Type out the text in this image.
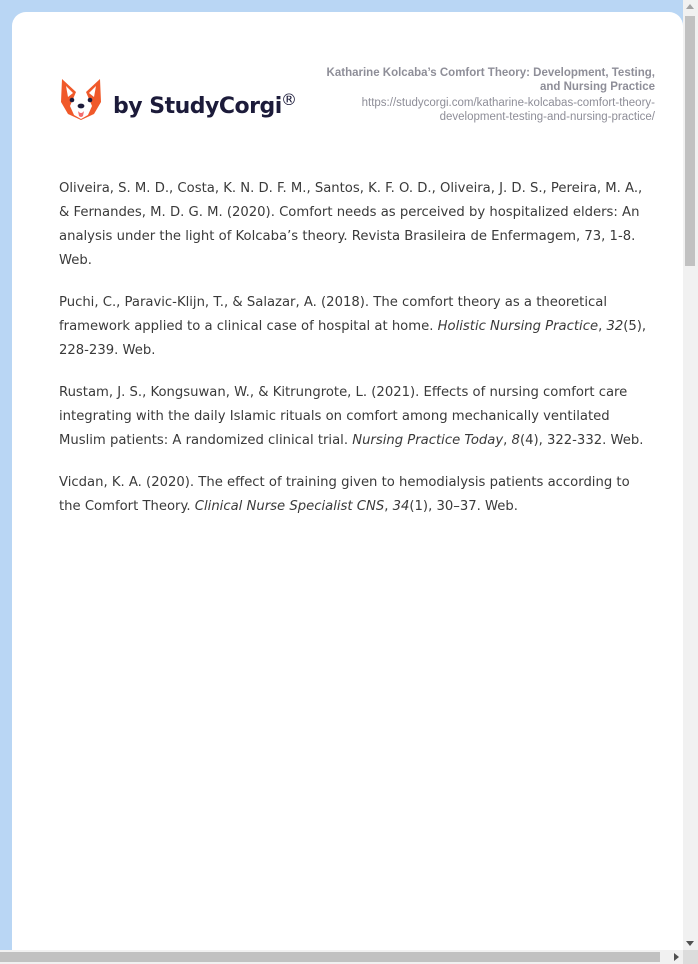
by StudyCorgi ®
Katharine Kolcaba’s Comfort Theory: Development, Testing, and Nursing Practice
https://studycorgi.com/katharine-kolcabas-comfort-theory-development-testing-and-nursing-practice/

Oliveira, S. M. D., Costa, K. N. D. F. M., Santos, K. F. O. D., Oliveira, J. D. S., Pereira, M. A., & Fernandes, M. D. G. M. (2020). Comfort needs as perceived by hospitalized elders: An analysis under the light of Kolcaba’s theory. Revista Brasileira de Enfermagem, 73, 1-8. Web.

Puchi, C., Paravic-Klijn, T., & Salazar, A. (2018). The comfort theory as a theoretical framework applied to a clinical case of hospital at home. Holistic Nursing Practice, 32(5), 228-239. Web.

Rustam, J. S., Kongsuwan, W., & Kitrungrote, L. (2021). Effects of nursing comfort care integrating with the daily Islamic rituals on comfort among mechanically ventilated Muslim patients: A randomized clinical trial. Nursing Practice Today, 8(4), 322-332. Web.

Vicdan, K. A. (2020). The effect of training given to hemodialysis patients according to the Comfort Theory. Clinical Nurse Specialist CNS, 34(1), 30–37. Web.
